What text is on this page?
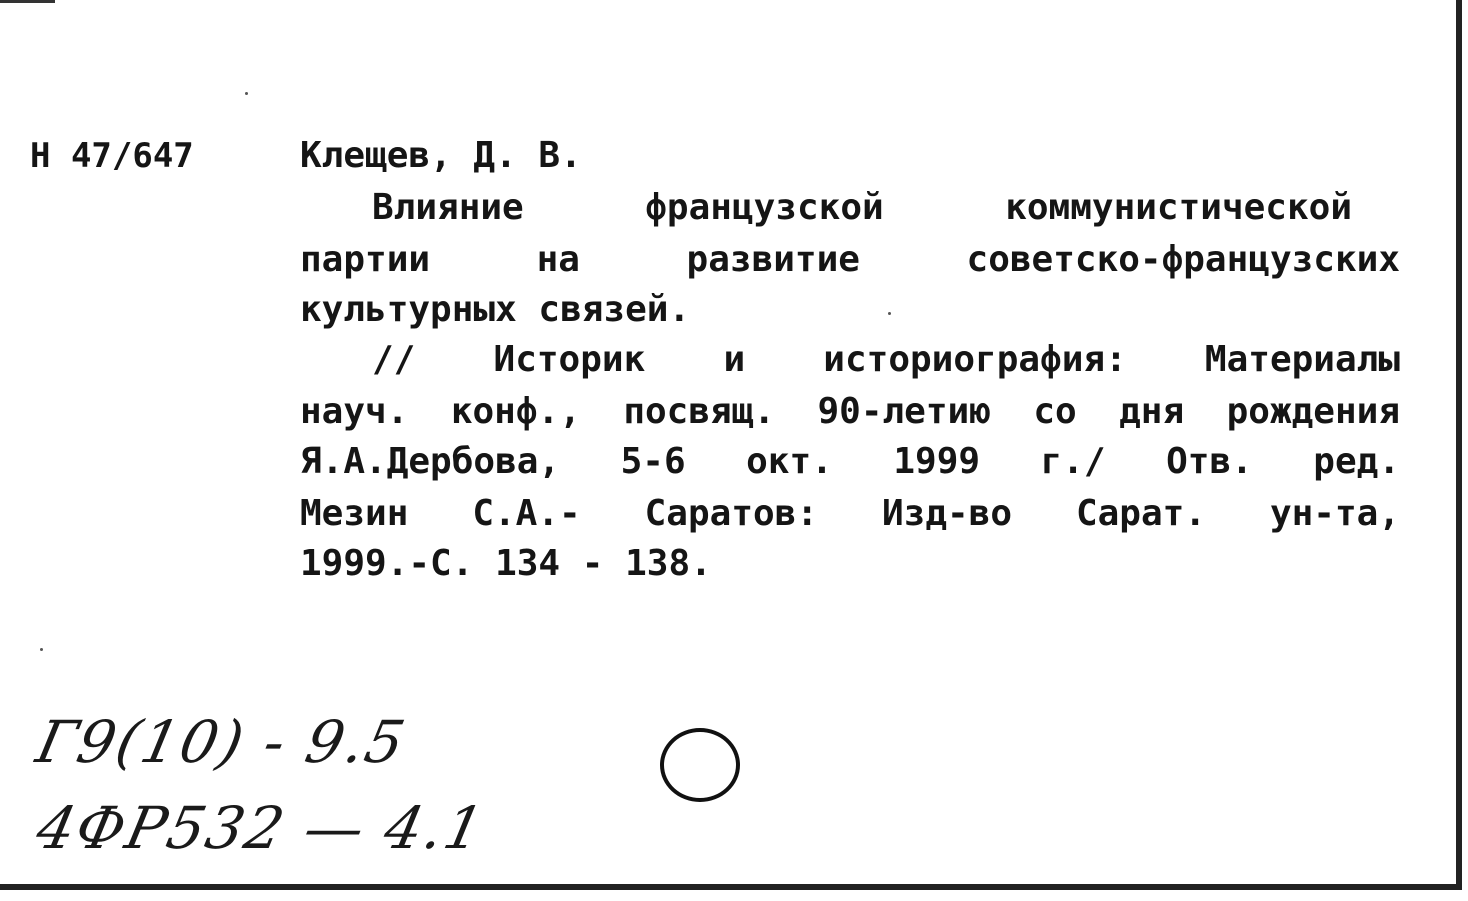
Н 47/647	Клещев, Д. В.
Влияние французской коммунистической
партии на развитие советско-французских
культурных связей.
// Историк и историография: Материалы
науч. конф., посвящ. 90-летию со дня рождения
Я.А.Дербова, 5-6 окт. 1999 г./ Отв. ред.
Мезин С.А.- Саратов: Изд-во Сарат. ун-та,
1999.-С. 134 - 138.
Г9(10) - 9.5
4ФР532 — 4.1
